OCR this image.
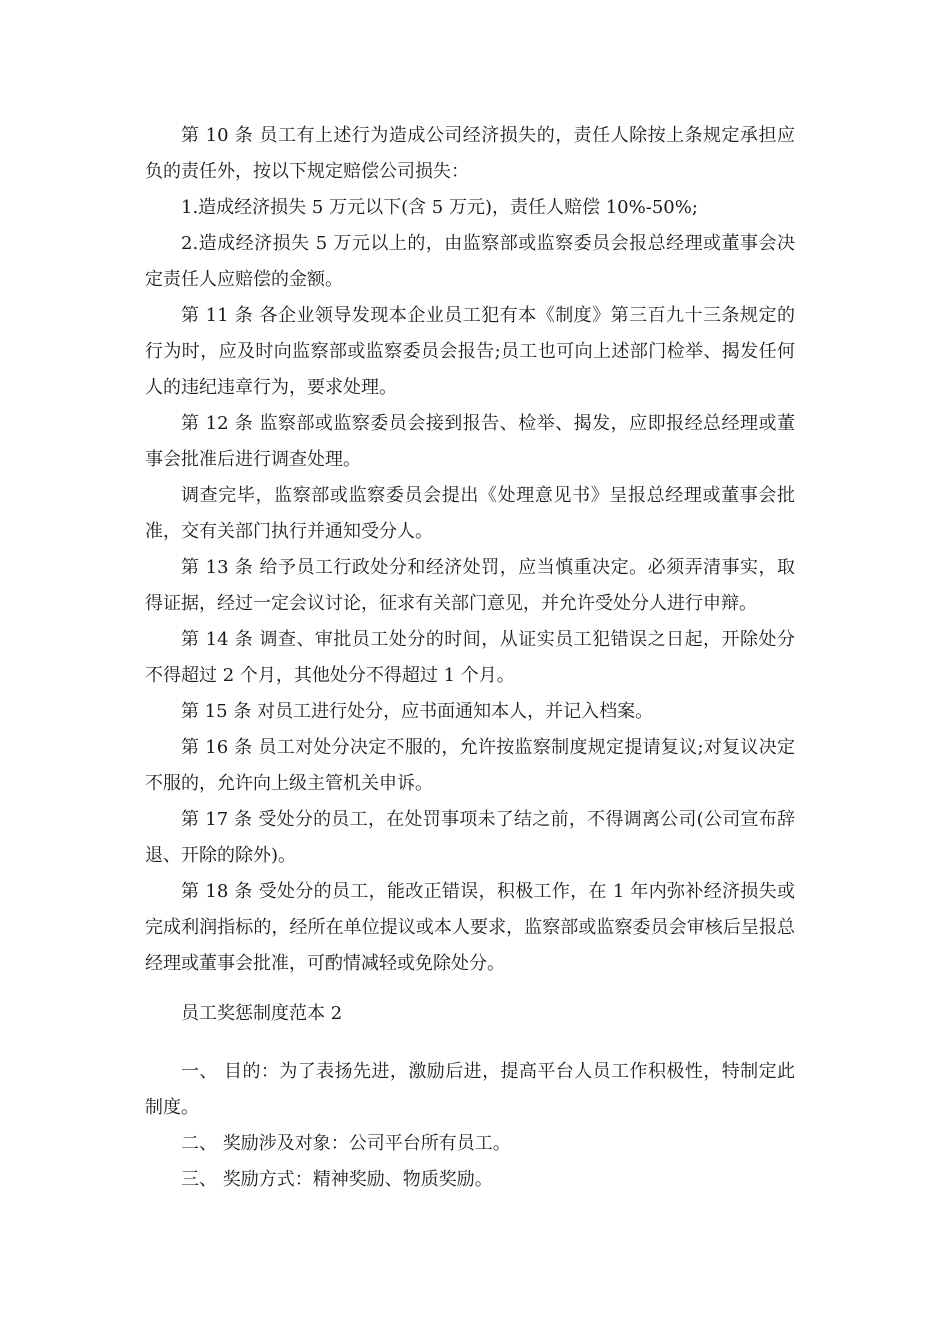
第 10 条 员工有上述行为造成公司经济损失的，责任人除按上条规定承担应负的责任外，按以下规定赔偿公司损失：

1.造成经济损失 5 万元以下(含 5 万元)，责任人赔偿 10%-50%;

2.造成经济损失 5 万元以上的，由监察部或监察委员会报总经理或董事会决定责任人应赔偿的金额。

第 11 条 各企业领导发现本企业员工犯有本《制度》第三百九十三条规定的行为时，应及时向监察部或监察委员会报告;员工也可向上述部门检举、揭发任何人的违纪违章行为，要求处理。

第 12 条 监察部或监察委员会接到报告、检举、揭发，应即报经总经理或董事会批准后进行调查处理。

调查完毕，监察部或监察委员会提出《处理意见书》呈报总经理或董事会批准，交有关部门执行并通知受分人。

第 13 条 给予员工行政处分和经济处罚，应当慎重决定。必须弄清事实，取得证据，经过一定会议讨论，征求有关部门意见，并允许受处分人进行申辩。

第 14 条 调查、审批员工处分的时间，从证实员工犯错误之日起，开除处分不得超过 2 个月，其他处分不得超过 1 个月。

第 15 条 对员工进行处分，应书面通知本人，并记入档案。

第 16 条 员工对处分决定不服的，允许按监察制度规定提请复议;对复议决定不服的，允许向上级主管机关申诉。

第 17 条 受处分的员工，在处罚事项未了结之前，不得调离公司(公司宣布辞退、开除的除外)。

第 18 条 受处分的员工，能改正错误，积极工作，在 1 年内弥补经济损失或完成利润指标的，经所在单位提议或本人要求，监察部或监察委员会审核后呈报总经理或董事会批准，可酌情减轻或免除处分。

员工奖惩制度范本 2

一、 目的：为了表扬先进，激励后进，提高平台人员工作积极性，特制定此制度。

二、 奖励涉及对象：公司平台所有员工。

三、 奖励方式：精神奖励、物质奖励。
